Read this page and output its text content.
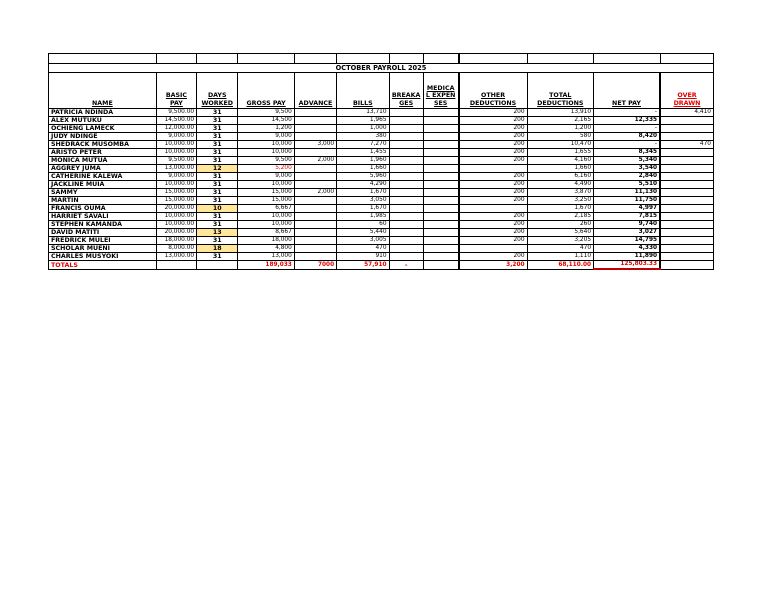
OCTOBER PAYROLL 2025											
NAME	BASIC PAY	DAYS WORKED	GROSS PAY	ADVANCE	BILLS	BREAKAGES	MEDICAL EXPENSES	OTHER DEDUCTIONS	TOTAL DEDUCTIONS	NET PAY	OVER DRAWN
PATRICIA NDINDA	9,500.00	31	9,500		13,710			200	13,910	-	4,410
ALEX MUTUKU	14,500.00	31	14,500		1,965			200	2,165	12,335	
OCHIENG LAMECK	12,000.00	31	1,200		1,000			200	1,200	-	
JUDY NDINGE	9,000.00	31	9,000		380			200	580	8,420	
SHEDRACK MUSOMBA	10,000.00	31	10,000	3,000	7,270			200	10,470	-	470
ARISTO PETER	10,000.00	31	10,000		1,455			200	1,655	8,345	
MONICA MUTUA	9,500.00	31	9,500	2,000	1,960			200	4,160	5,340	
AGGREY JUMA	13,000.00	12	5,200		1,660				1,660	3,540	
CATHERINE KALEWA	9,000.00	31	9,000		5,960			200	6,160	2,840	
JACKLINE MUIA	10,000.00	31	10,000		4,290			200	4,490	5,510	
SAMMY	15,000.00	31	15,000	2,000	1,670			200	3,870	11,130	
MARTIN	15,000.00	31	15,000		3,050			200	3,250	11,750	
FRANCIS OUMA	20,000.00	10	6,667		1,670				1,670	4,997	
HARRIET SAVALI	10,000.00	31	10,000		1,985			200	2,185	7,815	
STEPHEN KAMANDA	10,000.00	31	10,000		60			200	260	9,740	
DAVID MATITI	20,000.00	13	8,667		5,440			200	5,640	3,027	
FREDRICK MULEI	18,000.00	31	18,000		3,005			200	3,205	14,795	
SCHOLAR MUENI	8,000.00	18	4,800		470				470	4,330	
CHARLES MUSYOKI	13,000.00	31	13,000		910			200	1,110	11,890	
TOTALS			189,033	7000	57,910	-		3,200	68,110.00	125,803.33	
